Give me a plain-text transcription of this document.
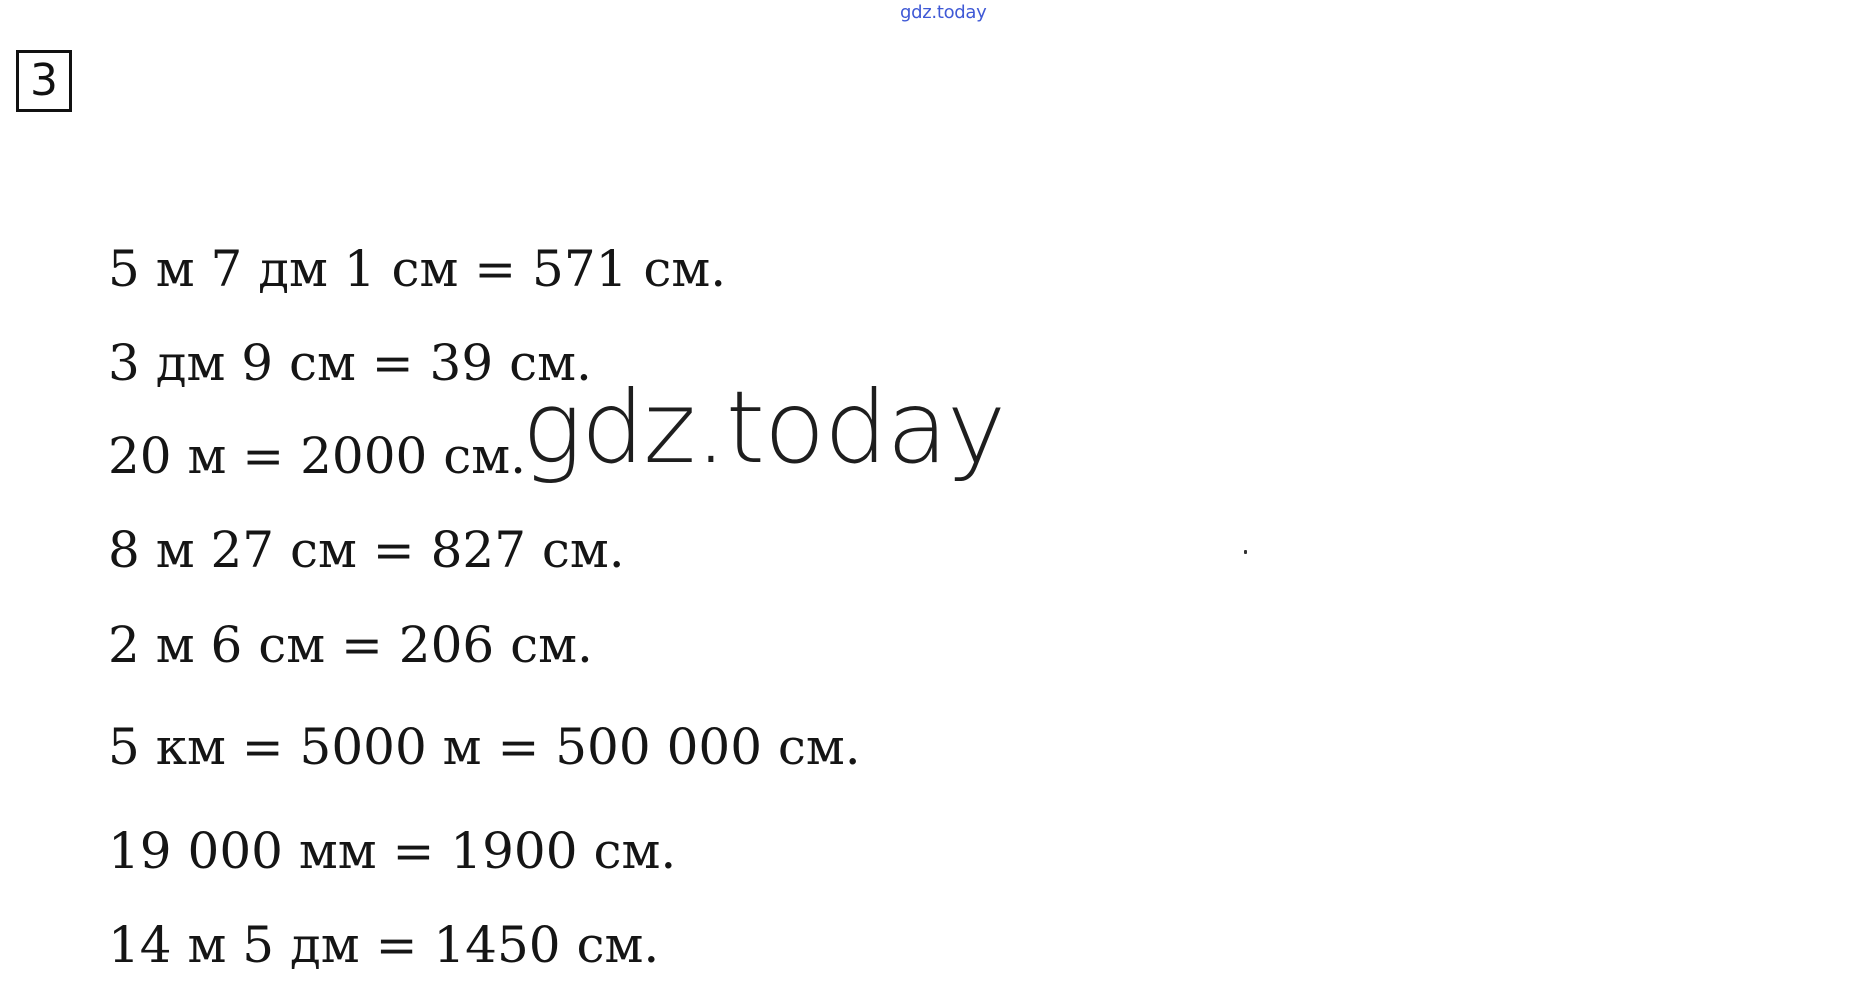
gdz.today
3
5 м 7 дм 1 см = 571 см.
3 дм 9 см = 39 см.
20 м = 2000 см.
8 м 27 см = 827 см.
2 м 6 см = 206 см.
5 км = 5000 м = 500 000 см.
19 000 мм = 1900 см.
14 м 5 дм = 1450 см.
gdz.today
